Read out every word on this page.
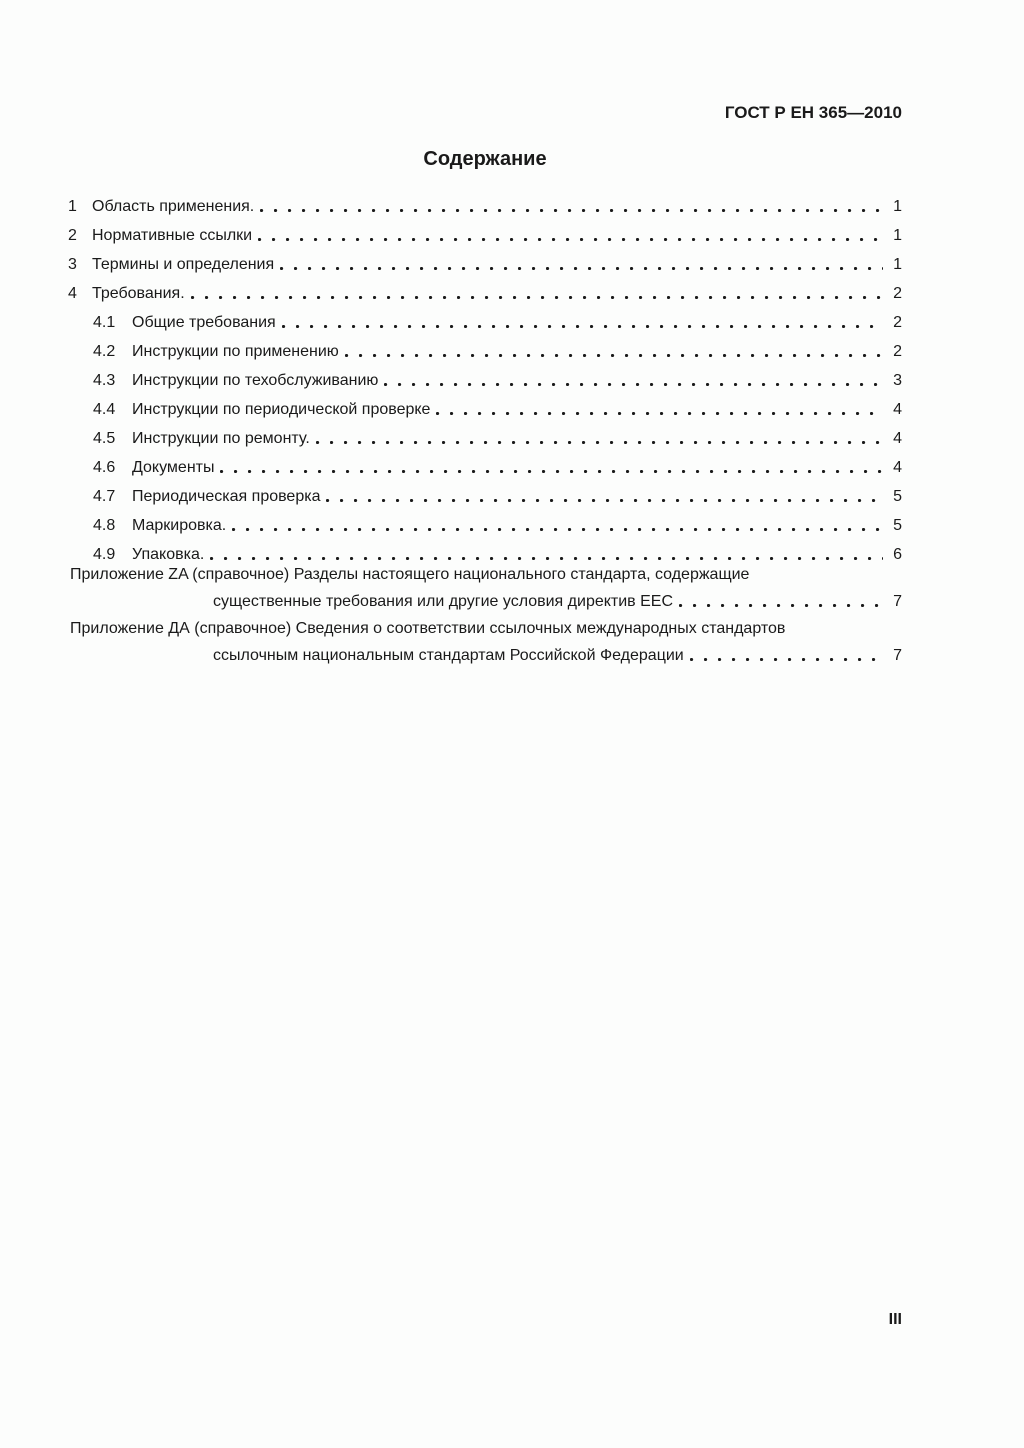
ГОСТ Р ЕН 365—2010
Содержание
1 Область применения.	1
2 Нормативные ссылки	1
3 Термины и определения	1
4 Требования.	2
4.1	Общие требования	2
4.2	Инструкции по применению	2
4.3	Инструкции по техобслуживанию	3
4.4	Инструкции по периодической проверке	4
4.5	Инструкции по ремонту.	4
4.6	Документы	4
4.7	Периодическая проверка	5
4.8	Маркировка.	5
4.9	Упаковка.	6
Приложение ZA (справочное) Разделы настоящего национального стандарта, содержащие
существенные требования или другие условия директив ЕЕС	7
Приложение ДА (справочное) Сведения о соответствии ссылочных международных стандартов
ссылочным национальным стандартам Российской Федерации	7
III
